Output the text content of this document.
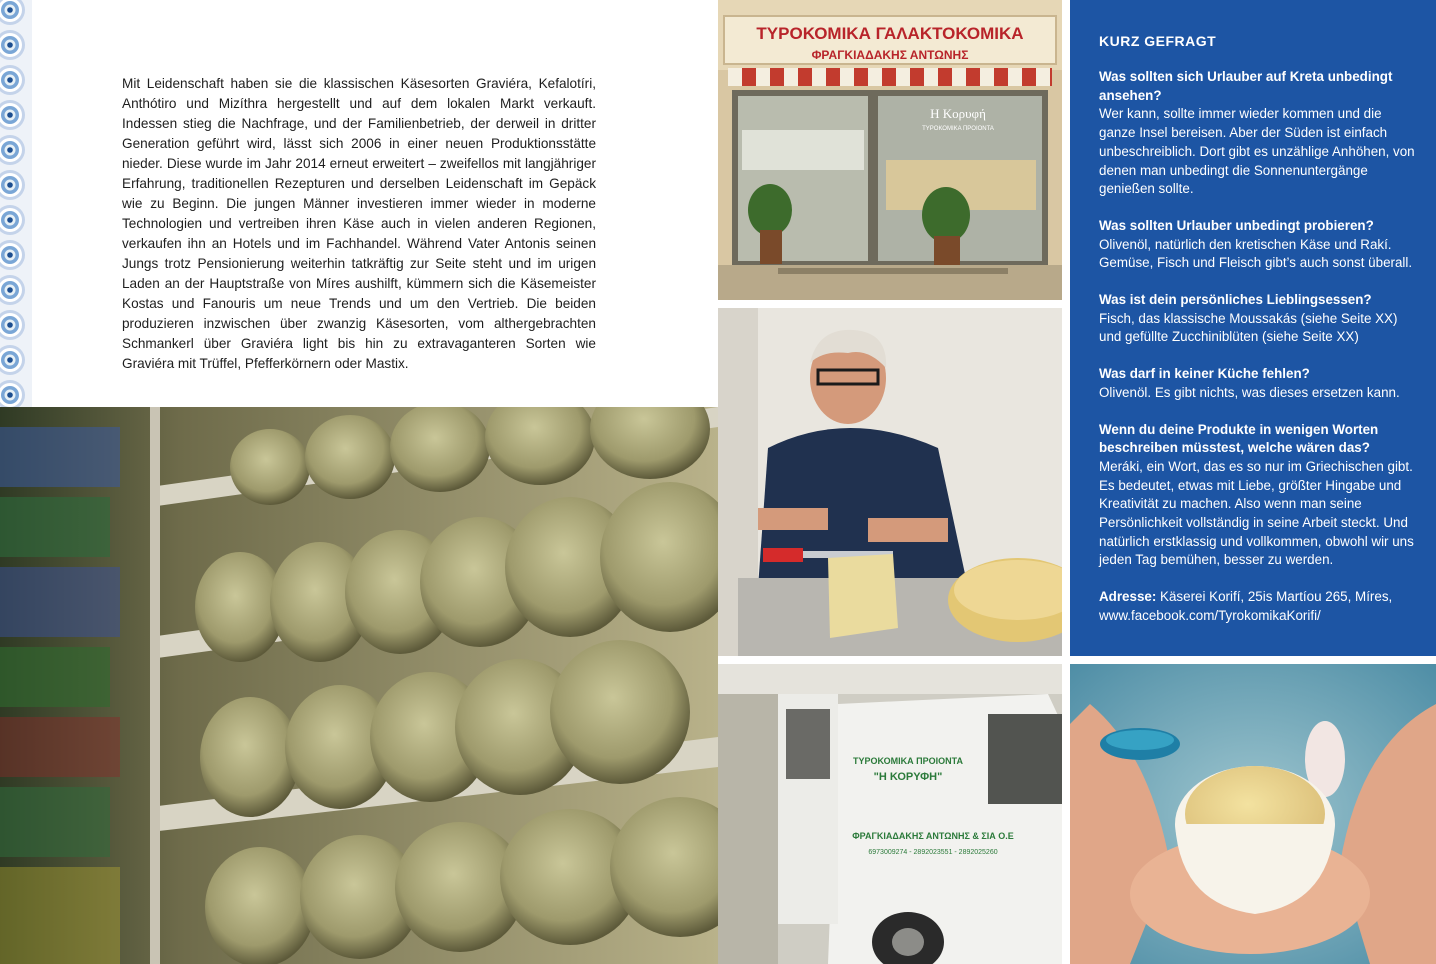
Mit Leidenschaft haben sie die klassischen Käsesorten Graviéra, Kefalotíri, Anthótiro und Mizíthra hergestellt und auf dem lokalen Markt verkauft. Indessen stieg die Nachfrage, und der Familienbetrieb, der derweil in dritter Generation geführt wird, lässt sich 2006 in einer neuen Produktionsstätte nieder. Diese wurde im Jahr 2014 erneut erweitert – zweifellos mit langjähriger Erfahrung, traditionellen Rezepturen und derselben Leidenschaft im Gepäck wie zu Beginn. Die jungen Männer investieren immer wieder in moderne Technologien und vertreiben ihren Käse auch in vielen anderen Regionen, verkaufen ihn an Hotels und im Fachhandel. Während Vater Antonis seinen Jungs trotz Pensionierung weiterhin tatkräftig zur Seite steht und im urigen Laden an der Hauptstraße von Míres aushilft, kümmern sich die Käsemeister Kostas und Fanouris um neue Trends und um den Vertrieb. Die beiden produzieren inzwischen über zwanzig Käsesorten, vom althergebrachten Schmankerl über Graviéra light bis hin zu extravaganteren Sorten wie Graviéra mit Trüffel, Pfefferkörnern oder Mastix.

ΤΥΡΟΚΟΜΙΚΑ ΓΑΛΑΚΤΟΚΟΜΙΚΑ
ΦΡΑΓΚΙΑΔΑΚΗΣ ΑΝΤΩΝΗΣ
Η Κορυφή
ΤΥΡΟΚΟΜΙΚΑ ΠΡΟΙΟΝΤΑ
ΤΥΡΟΚΟΜΙΚΑ ΠΡΟΙΟΝΤΑ
"Η ΚΟΡΥΦΗ"
ΦΡΑΓΚΙΑΔΑΚΗΣ ΑΝΤΩΝΗΣ & ΣΙΑ Ο.Ε
6973009274 - 2892023551 - 2892025260
KURZ GEFRAGT
Was sollten sich Urlauber auf Kreta unbedingt ansehen?
Wer kann, sollte immer wieder kommen und die ganze Insel bereisen. Aber der Süden ist einfach unbeschreiblich. Dort gibt es unzählige Anhöhen, von denen man unbedingt die Sonnenuntergänge genießen sollte.
Was sollten Urlauber unbedingt probieren?
Olivenöl, natürlich den kretischen Käse und Rakí. Gemüse, Fisch und Fleisch gibt’s auch sonst überall.
Was ist dein persönliches Lieblingsessen?
Fisch, das klassische Moussakás (siehe Seite XX) und gefüllte Zucchiniblüten (siehe Seite XX)
Was darf in keiner Küche fehlen?
Olivenöl. Es gibt nichts, was dieses ersetzen kann.
Wenn du deine Produkte in wenigen Worten beschreiben müsstest, welche wären das?
Meráki, ein Wort, das es so nur im Griechischen gibt. Es bedeutet, etwas mit Liebe, größter Hingabe und Kreativität zu machen. Also wenn man seine Persönlichkeit vollständig in seine Arbeit steckt. Und natürlich erstklassig und vollkommen, obwohl wir uns jeden Tag bemühen, besser zu werden.
Adresse: Käserei Korifí, 25is Martíou 265, Míres,
www.facebook.com/TyrokomikaKorifi/
